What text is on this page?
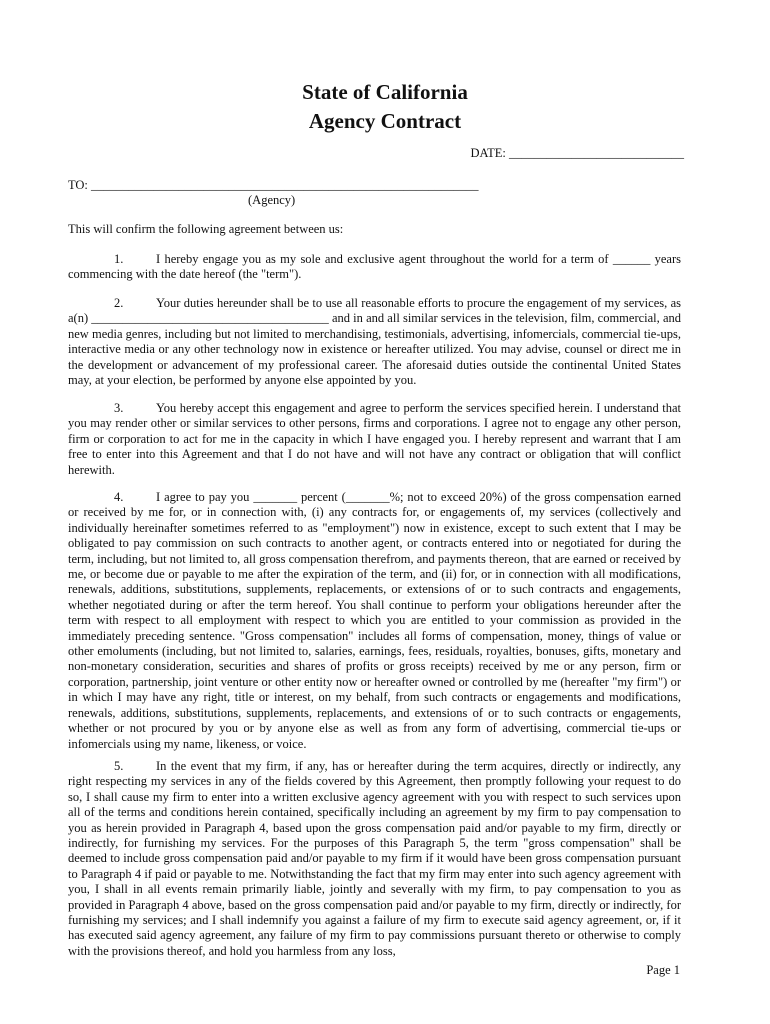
State of California
Agency Contract
DATE: ____________________________
TO: ______________________________________________________________
(Agency)
This will confirm the following agreement between us:

1.	I hereby engage you as my sole and exclusive agent throughout the world for a term of ______ years commencing with the date hereof (the "term").

2.	Your duties hereunder shall be to use all reasonable efforts to procure the engagement of my services, as a(n) ______________________________________ and in and all similar services in the television, film, commercial, and new media genres, including but not limited to merchandising, testimonials, advertising, infomercials, commercial tie-ups, interactive media or any other technology now in existence or hereafter utilized. You may advise, counsel or direct me in the development or advancement of my professional career. The aforesaid duties outside the continental United States may, at your election, be performed by anyone else appointed by you.

3.	You hereby accept this engagement and agree to perform the services specified herein. I understand that you may render other or similar services to other persons, firms and corporations. I agree not to engage any other person, firm or corporation to act for me in the capacity in which I have engaged you. I hereby represent and warrant that I am free to enter into this Agreement and that I do not have and will not have any contract or obligation that will conflict herewith.

4.	I agree to pay you _______ percent (_______%; not to exceed 20%) of the gross compensation earned or received by me for, or in connection with, (i) any contracts for, or engagements of, my services (collectively and individually hereinafter sometimes referred to as "employment") now in existence, except to such extent that I may be obligated to pay commission on such contracts to another agent, or contracts entered into or negotiated for during the term, including, but not limited to, all gross compensation therefrom, and payments thereon, that are earned or received by me, or become due or payable to me after the expiration of the term, and (ii) for, or in connection with all modifications, renewals, additions, substitutions, supplements, replacements, or extensions of or to such contracts and engagements, whether negotiated during or after the term hereof. You shall continue to perform your obligations hereunder after the term with respect to all employment with respect to which you are entitled to your commission as provided in the immediately preceding sentence. "Gross compensation" includes all forms of compensation, money, things of value or other emoluments (including, but not limited to, salaries, earnings, fees, residuals, royalties, bonuses, gifts, monetary and non-monetary consideration, securities and shares of profits or gross receipts) received by me or any person, firm or corporation, partnership, joint venture or other entity now or hereafter owned or controlled by me (hereafter "my firm") or in which I may have any right, title or interest, on my behalf, from such contracts or engagements and modifications, renewals, additions, substitutions, supplements, replacements, and extensions of or to such contracts or engagements, whether or not procured by you or by anyone else as well as from any form of advertising, commercial tie-ups or infomercials using my name, likeness, or voice.

5.	In the event that my firm, if any, has or hereafter during the term acquires, directly or indirectly, any right respecting my services in any of the fields covered by this Agreement, then promptly following your request to do so, I shall cause my firm to enter into a written exclusive agency agreement with you with respect to such services upon all of the terms and conditions herein contained, specifically including an agreement by my firm to pay compensation to you as herein provided in Paragraph 4, based upon the gross compensation paid and/or payable to my firm, directly or indirectly, for furnishing my services. For the purposes of this Paragraph 5, the term "gross compensation" shall be deemed to include gross compensation paid and/or payable to my firm if it would have been gross compensation pursuant to Paragraph 4 if paid or payable to me. Notwithstanding the fact that my firm may enter into such agency agreement with you, I shall in all events remain primarily liable, jointly and severally with my firm, to pay compensation to you as provided in Paragraph 4 above, based on the gross compensation paid and/or payable to my firm, directly or indirectly, for furnishing my services; and I shall indemnify you against a failure of my firm to execute said agency agreement, or, if it has executed said agency agreement, any failure of my firm to pay commissions pursuant thereto or otherwise to comply with the provisions thereof, and hold you harmless from any loss,

Page 1
